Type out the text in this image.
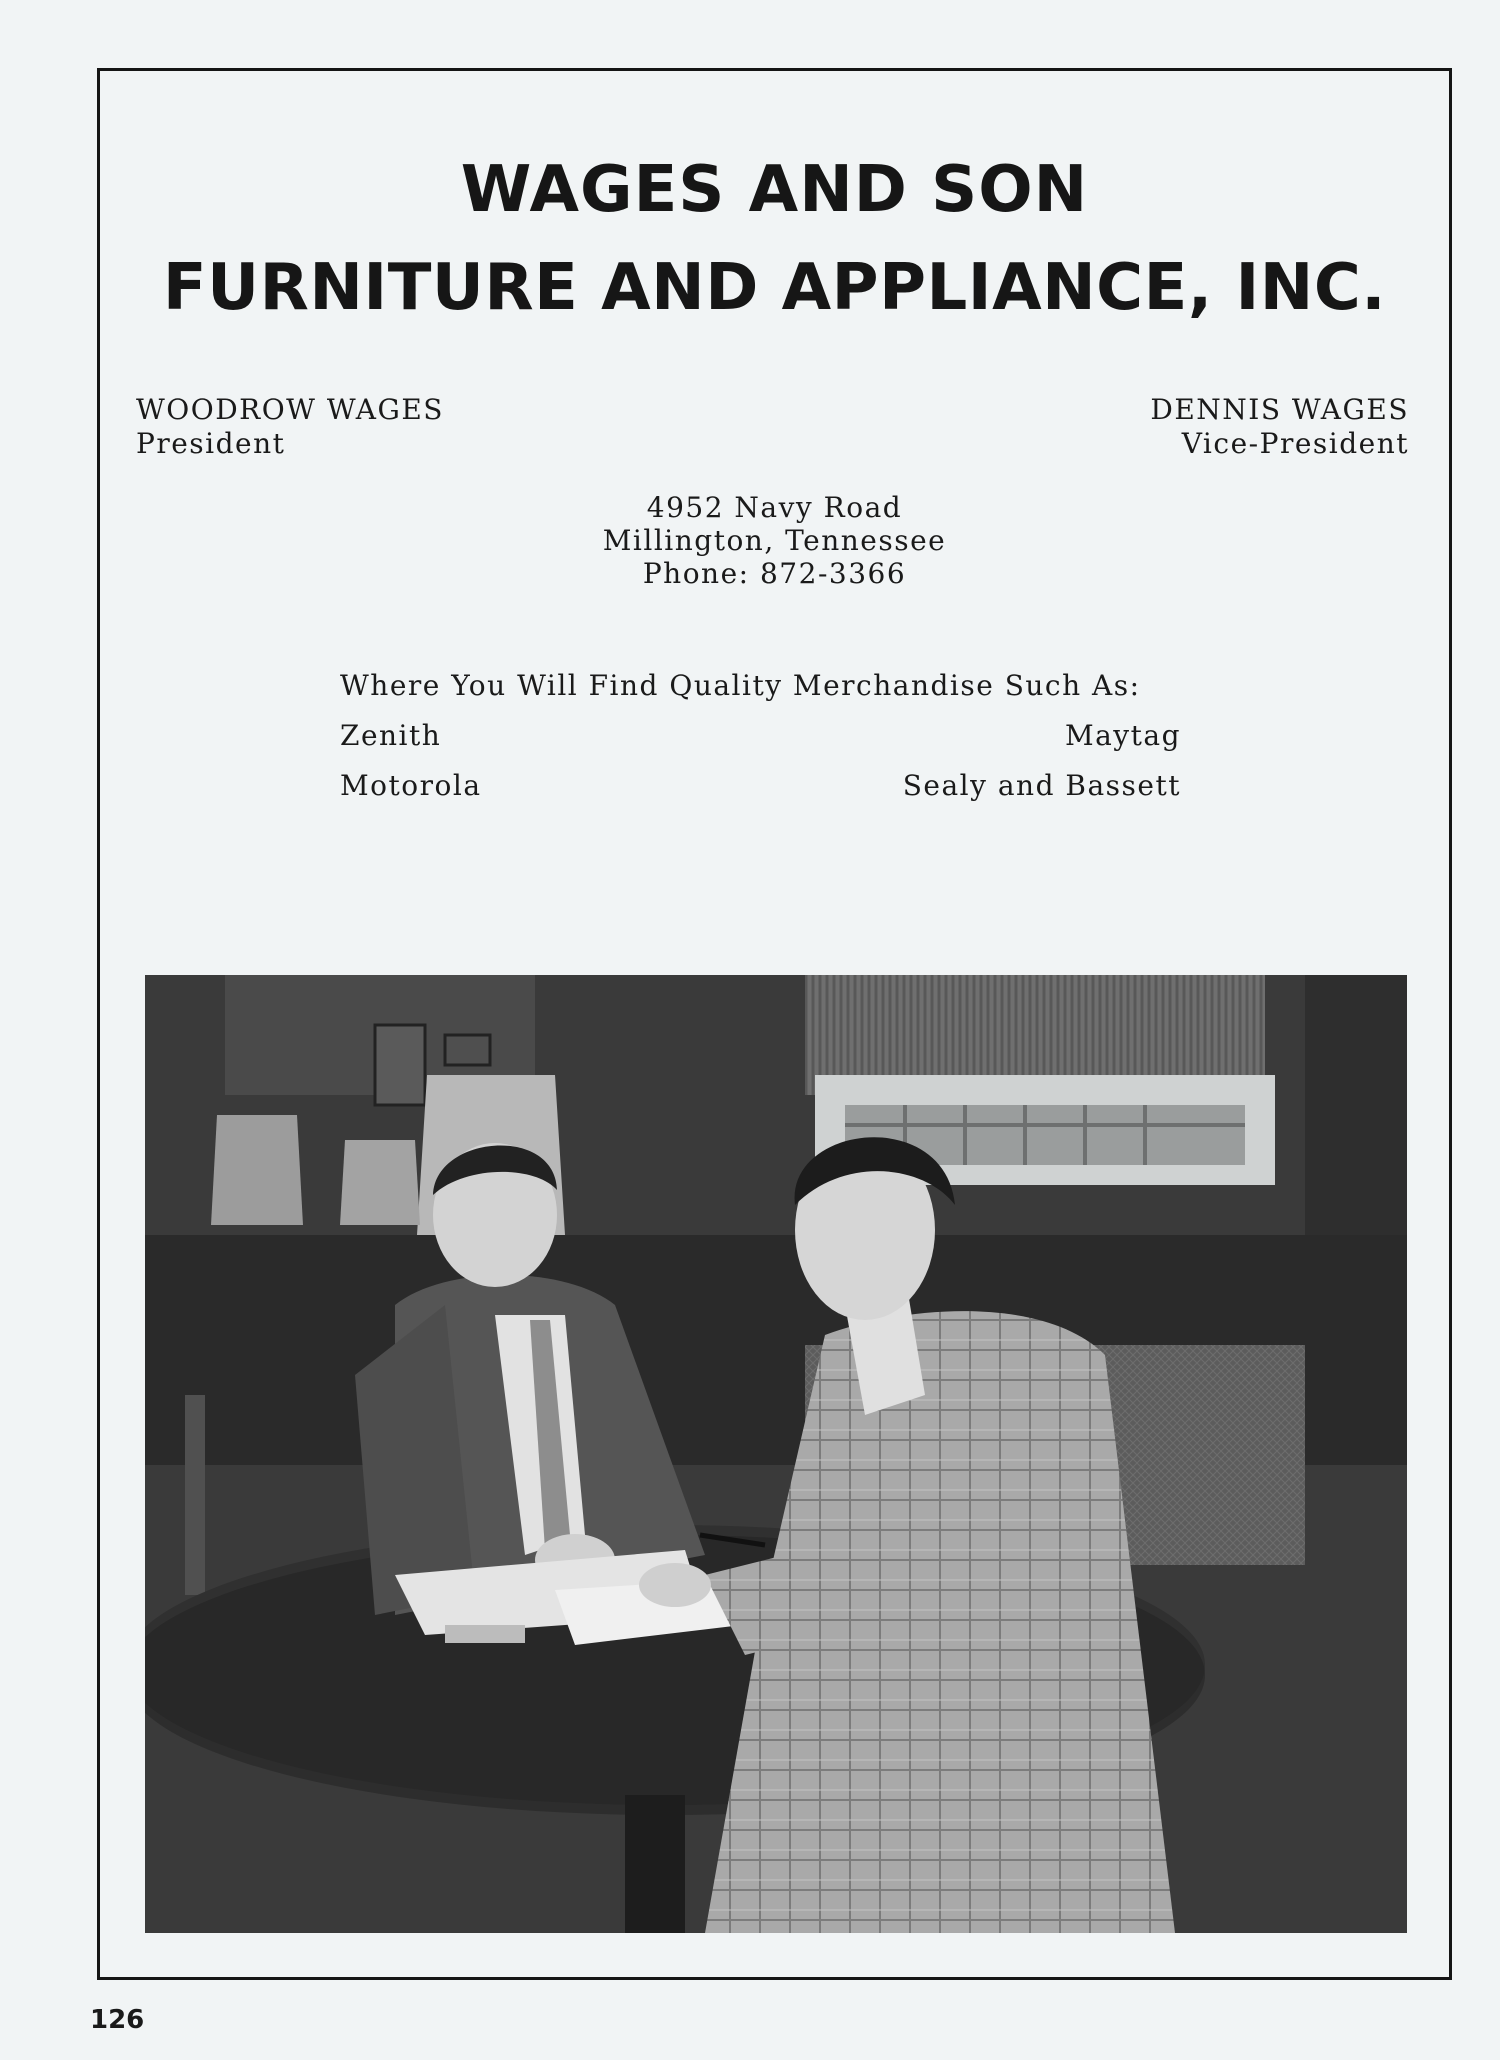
WAGES AND SON
FURNITURE AND APPLIANCE, INC.
WOODROW WAGES
President
DENNIS WAGES
Vice-President
4952 Navy Road
Millington, Tennessee
Phone: 872-3366
Where You Will Find Quality Merchandise Such As:
Zenith	Maytag
Motorola	Sealy and Bassett
126
